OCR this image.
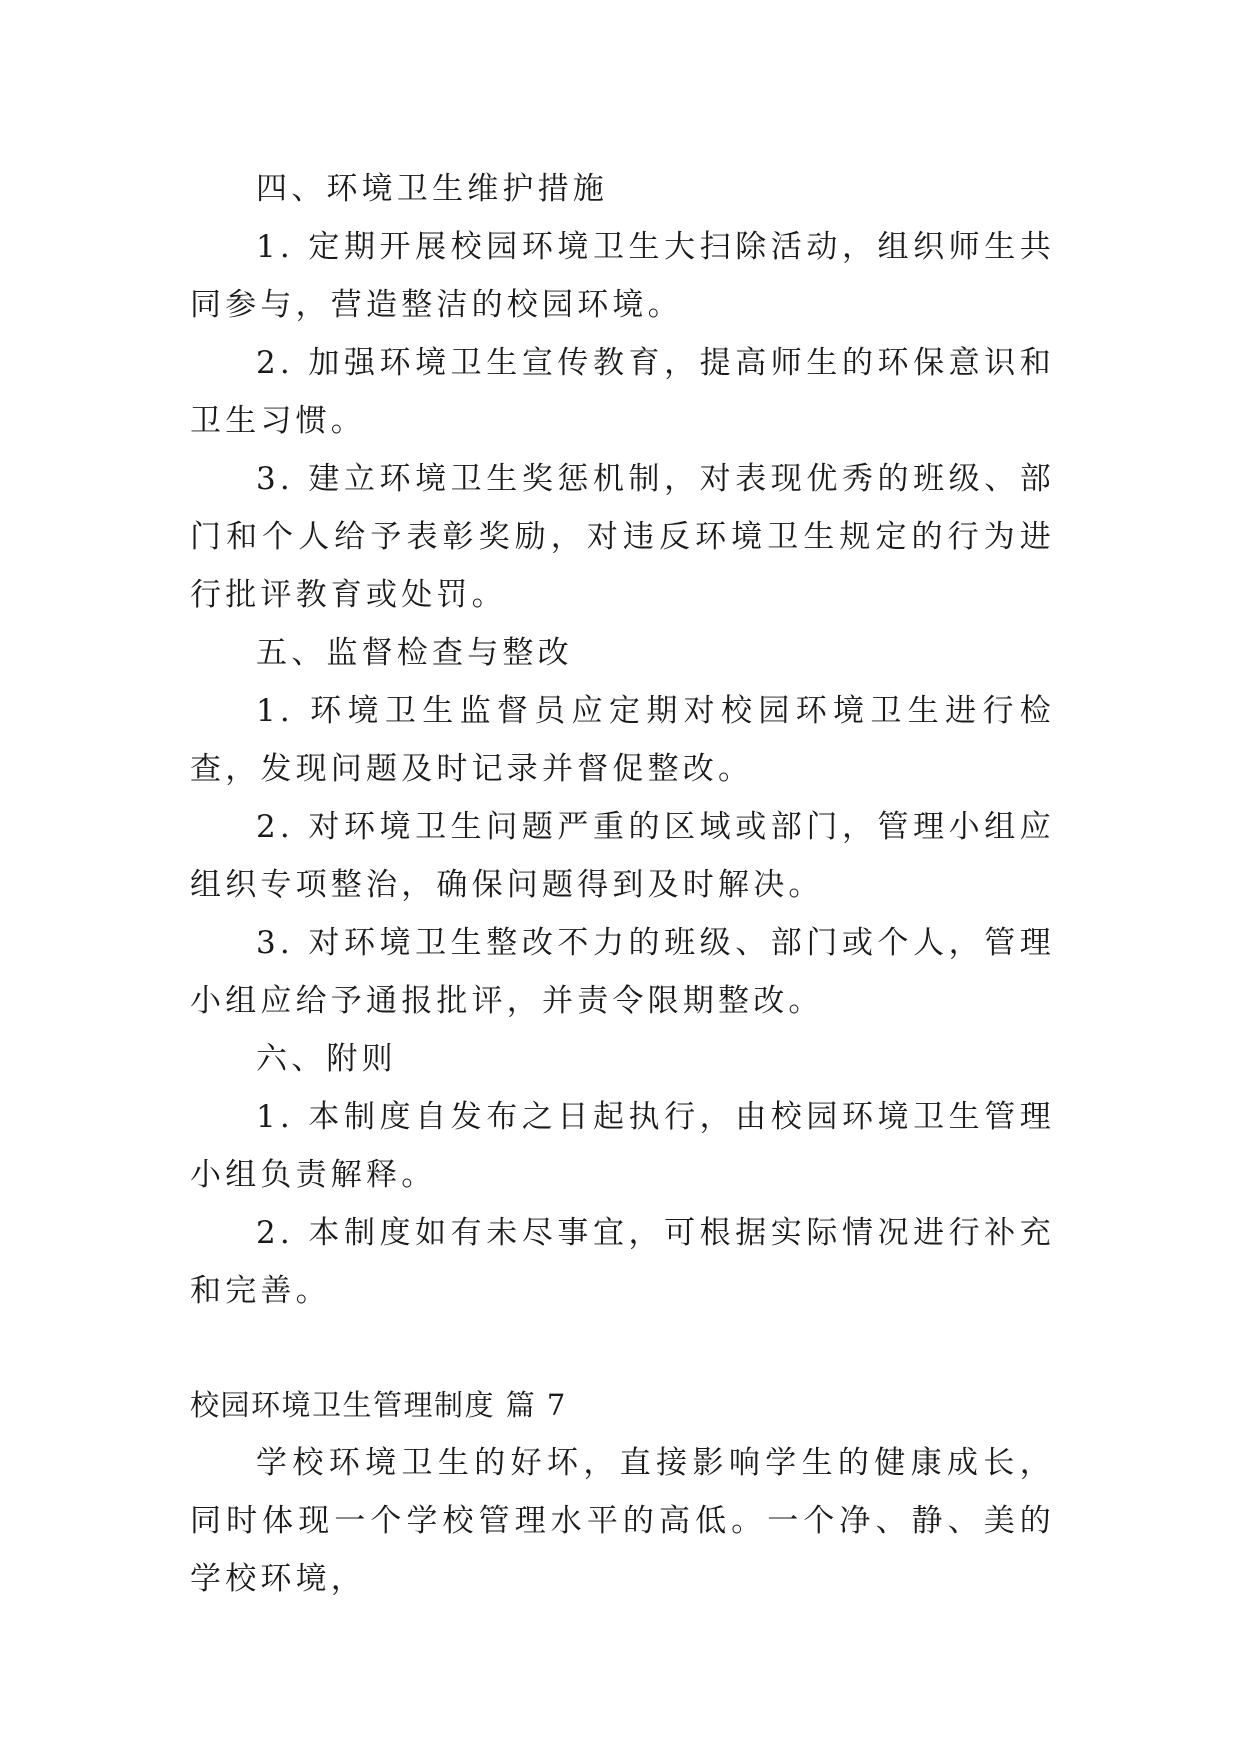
四、环境卫生维护措施

1. 定期开展校园环境卫生大扫除活动，组织师生共同参与，营造整洁的校园环境。

2. 加强环境卫生宣传教育，提高师生的环保意识和卫生习惯。

3. 建立环境卫生奖惩机制，对表现优秀的班级、部门和个人给予表彰奖励，对违反环境卫生规定的行为进行批评教育或处罚。

五、监督检查与整改

1. 环境卫生监督员应定期对校园环境卫生进行检查，发现问题及时记录并督促整改。

2. 对环境卫生问题严重的区域或部门，管理小组应组织专项整治，确保问题得到及时解决。

3. 对环境卫生整改不力的班级、部门或个人，管理小组应给予通报批评，并责令限期整改。

六、附则

1. 本制度自发布之日起执行，由校园环境卫生管理小组负责解释。

2. 本制度如有未尽事宜，可根据实际情况进行补充和完善。

校园环境卫生管理制度 篇 7

学校环境卫生的好坏，直接影响学生的健康成长，同时体现一个学校管理水平的高低。一个净、静、美的学校环境，
